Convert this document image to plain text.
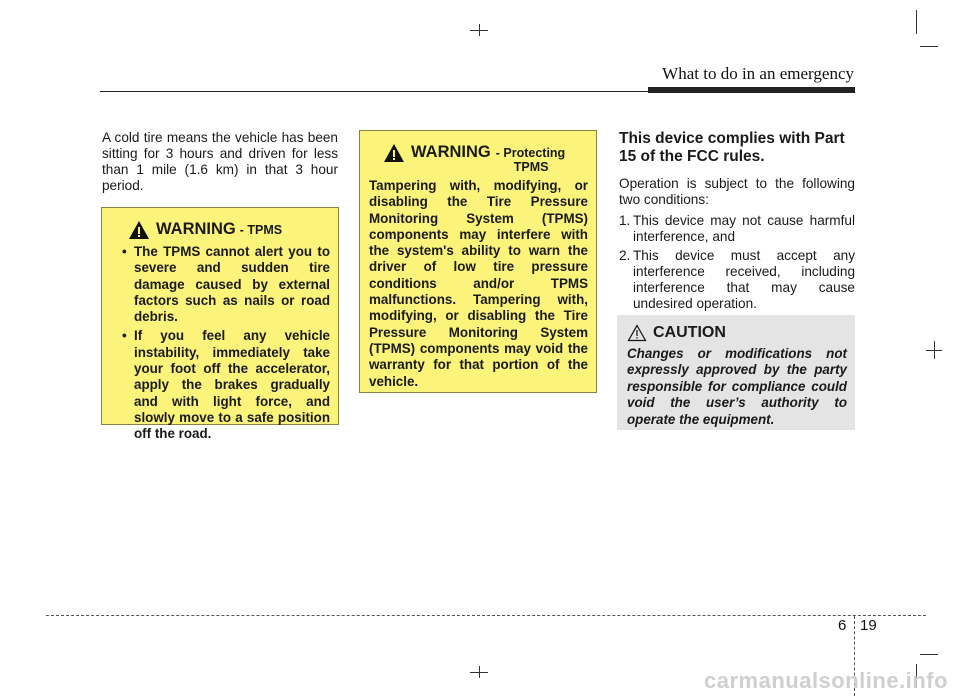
What to do in an emergency
A cold tire means the vehicle has been sitting for 3 hours and driven for less than 1 mile (1.6 km) in that 3 hour period.
WARNING - TPMS
• The TPMS cannot alert you to severe and sudden tire damage caused by external factors such as nails or road debris.
• If you feel any vehicle instability, immediately take your foot off the accelerator, apply the brakes gradually and with light force, and slowly move to a safe position off the road.
WARNING - Protecting
TPMS
Tampering with, modifying, or disabling the Tire Pressure Monitoring System (TPMS) components may interfere with the system's ability to warn the driver of low tire pressure conditions and/or TPMS malfunctions. Tampering with, modifying, or disabling the Tire Pressure Monitoring System (TPMS) components may void the warranty for that portion of the vehicle.
This device complies with Part 15 of the FCC rules.
Operation is subject to the following two conditions:
1. This device may not cause harmful interference, and
2. This device must accept any interference received, including interference that may cause undesired operation.
CAUTION
Changes or modifications not expressly approved by the party responsible for compliance could void the user’s authority to operate the equipment.
6 19
carmanualsonline.info
